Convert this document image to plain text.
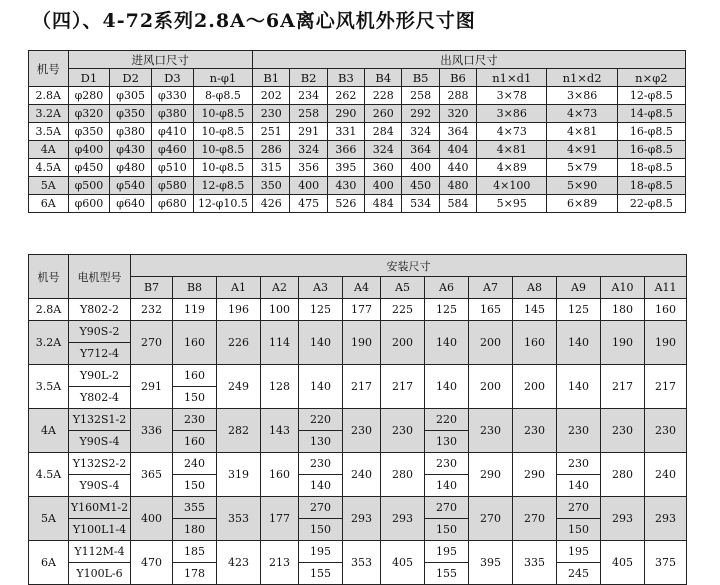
（四）、4-72系列2.8A～6A离心风机外形尺寸图
机号	进风口尺寸				出风口尺寸								
	D1	D2	D3	n-φ1	B1	B2	B3	B4	B5	B6	n1×d1	n1×d2	n×φ2
2.8A	φ280	φ305	φ330	8-φ8.5	202	234	262	228	258	288	3×78	3×86	12-φ8.5
3.2A	φ320	φ350	φ380	10-φ8.5	230	258	290	260	292	320	3×86	4×73	14-φ8.5
3.5A	φ350	φ380	φ410	10-φ8.5	251	291	331	284	324	364	4×73	4×81	16-φ8.5
4A	φ400	φ430	φ460	10-φ8.5	286	324	366	324	364	404	4×81	4×91	16-φ8.5
4.5A	φ450	φ480	φ510	10-φ8.5	315	356	395	360	400	440	4×89	5×79	18-φ8.5
5A	φ500	φ540	φ580	12-φ8.5	350	400	430	400	450	480	4×100	5×90	18-φ8.5
6A	φ600	φ640	φ680	12-φ10.5	426	475	526	484	534	584	5×95	6×89	22-φ8.5
机号	电机型号	安装尺寸												
		B7	B8	A1	A2	A3	A4	A5	A6	A7	A8	A9	A10	A11
2.8A	Y802-2	232	119	196	100	125	177	225	125	165	145	125	180	160
3.2A	Y90S-2	270	160	226	114	140	190	200	140	200	160	140	190	190
	Y712-4													
3.5A	Y90L-2	291	160	249	128	140	217	217	140	200	200	140	217	217
	Y802-4		150											
4A	Y132S1-2	336	230	282	143	220	230	230	220	230	230	230	230	230
	Y90S-4		160			130			130					
4.5A	Y132S2-2	365	240	319	160	230	240	280	230	290	290	230	280	240
	Y90S-4		150			140			140			140		
5A	Y160M1-2	400	355	353	177	270	293	293	270	270	270	270	293	293
	Y100L1-4		180			150			150			150		
6A	Y112M-4	470	185	423	213	195	353	405	195	395	335	195	405	375
	Y100L-6		178			155			155			245		
